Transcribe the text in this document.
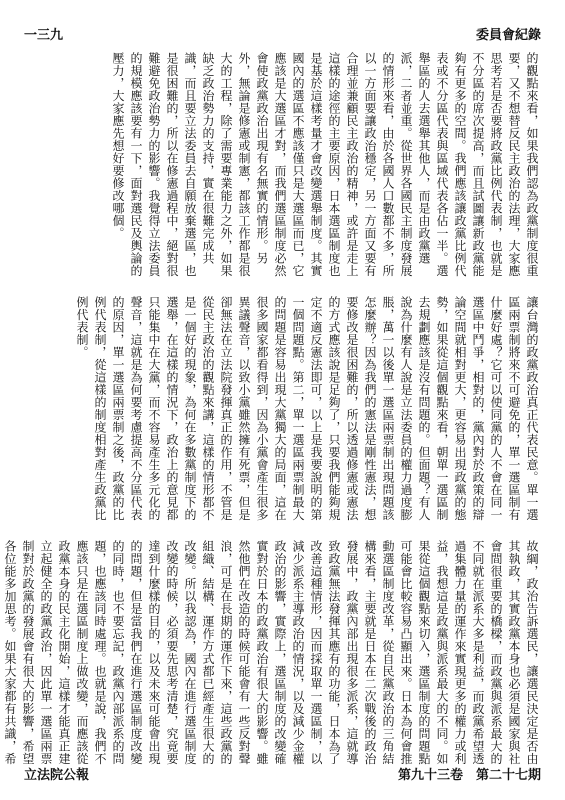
一三九	委員會紀錄

的觀點來看，如果我們認為政黨制度很重要，又不想替反民主政治的法理，大家應思考若是否要將政黨比例代表制，也就是不分區的席次提高，而且試圖讓新政黨能夠有更多的空間。我們應該讓政黨比例代表或不分區代表與區域代表各佔一半。選舉區的人去選舉其他人，而是由政黨選派，二者並重。從世界各國民主制度發展的情形來看，由於各國人口數都不多，所以一方面要讓政治穩定，另一方面又要有合理並兼顧民主政治的精神，或許是走上這樣的途徑的主要原因，日本選區制度也是基於這樣考量才會改變選舉制度。其實國內的選區不應該僅只是大選區而已，它應該是大選區才對，而我們選區制度必然會使政黨政治出現有名無實的情形。另外，無論是修憲或制憲，都該工作都是很大的工程，除了需要專業能力之外，如果缺乏政治勢力的支持，實在很難完成共識，而且要立法委員去自願放棄選區，也是很困難的，所以在修憲過程中，絕對很難避免政治勢力的影響。我覺得立法委員的規模應該要有一下，面對選民及輿論的壓力，大家應先想好要修改哪個。

讓台灣的政黨政治真正代表民意。單一選區兩票制將來不可避免的，單一選區制有什麼好處？它可以使同黨的人不會在同一選區中鬥爭，相對的，黨內對於政策的辯論空間就相對更大，更容易出現政黨的態勢，如果從這個觀點來看，朝單一選區制去規劃應該是沒有問題的。但面題？有人說為什麼有人說是立法委員的權力過度膨脹，萬一以後單一選區兩票制出現問題該怎麼辦？因為我們的憲法是剛性憲法，想要修改是很困難的，所以透過修憲或憲法的方式應該說是足夠了，只要我們能夠規定不適反憲法即可，以上是我要說明的第一個問題點。第二，單一選區兩票制最大的問題是容易出現大黨獨大的局面，這在很多國家都看得到，因為小黨會產生很多異議聲音，以致小黨雖然擁有死票，但是卻無法在立法院發揮真正的作用，不管是從民主政治的觀點來講，這樣的情形都不是一個好的現象，為何在多數黨制度下的選舉，在這樣的情況下，政治上的意見都只能集中在大黨，而不容易產生多元化的聲音，這就是為何要考慮提高不分區代表的原因，單一選區兩票制之後，政黨的比例代表制，從這樣的制度相對產生政黨比例代表制。

故綱，政治告訴選民，讓選民決定是否由其執政，其實政黨本身也必須是國家與社會間很重要的橋樑，而政黨與派系最大的不同就在派系大多是利益，而政黨希望透過集體力量的運作來實現更多的權力或利益，我想這是政黨與派系最大的不同。如果從這個觀點來切入，選區制度的問題點可能會比較容易凸顯出來。日本為何會推動選區制度改革，從自民黨政治的三角結構來看，主要就是日本在二次戰後的政治發展中，政黨內部出現很多派系，這就導致政黨無法發揮其應有的功能，日本為了改善這種情形，因而採取單一選區制，以減少派系主導政治的情況，以及減少金權政治的影響，實際上，選區制度的改變確實對於日本的政黨政治有很大的影響。雖然他們在改造的時候可能會有一些反對聲浪，可是在長期的運作下來，這些政黨的組織、結構、運作方式都已經產生很大的改變。所以我認為，國內在進行選區制度改變的時候，必須要先思考清楚，究竟要達到什麼樣的目的，以及未來可能會出現的問題，但是當我們在進行選區制度改變的同時，也不要忘記，政黨內部派系的問題，也應該同時處理。也就是說，我們不應該只是在選區制度上做改變，而應該從政黨本身的民主化開始，這樣才能真正建立起健全的政黨政治，因此單一選區兩票制對於政黨的發展會有很大的影響，希望各位能多加思考。如果大家都有共識，希

立法院公報	第九十三卷　第二十七期
